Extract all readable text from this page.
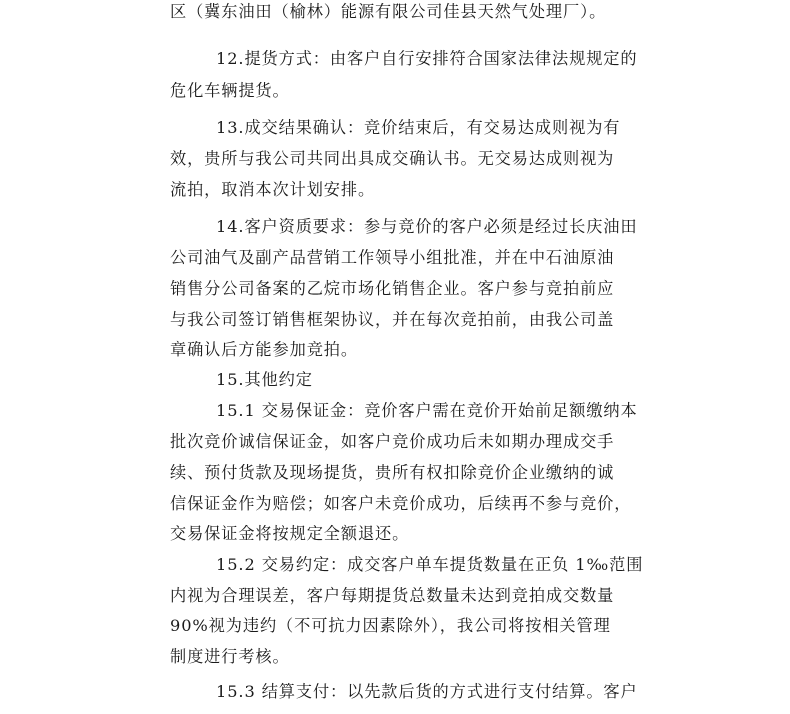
区（冀东油田（榆林）能源有限公司佳县天然气处理厂）。
12.提货方式：由客户自行安排符合国家法律法规规定的
危化车辆提货。
13.成交结果确认：竞价结束后，有交易达成则视为有
效，贵所与我公司共同出具成交确认书。无交易达成则视为
流拍，取消本次计划安排。
14.客户资质要求：参与竞价的客户必须是经过长庆油田
公司油气及副产品营销工作领导小组批准，并在中石油原油
销售分公司备案的乙烷市场化销售企业。客户参与竞拍前应
与我公司签订销售框架协议，并在每次竞拍前，由我公司盖
章确认后方能参加竞拍。
15.其他约定
15.1 交易保证金：竞价客户需在竞价开始前足额缴纳本
批次竞价诚信保证金，如客户竞价成功后未如期办理成交手
续、预付货款及现场提货，贵所有权扣除竞价企业缴纳的诚
信保证金作为赔偿；如客户未竞价成功，后续再不参与竞价，
交易保证金将按规定全额退还。
15.2 交易约定：成交客户单车提货数量在正负 1‰范围
内视为合理误差，客户每期提货总数量未达到竞拍成交数量
90%视为违约（不可抗力因素除外），我公司将按相关管理
制度进行考核。
15.3 结算支付：以先款后货的方式进行支付结算。客户
